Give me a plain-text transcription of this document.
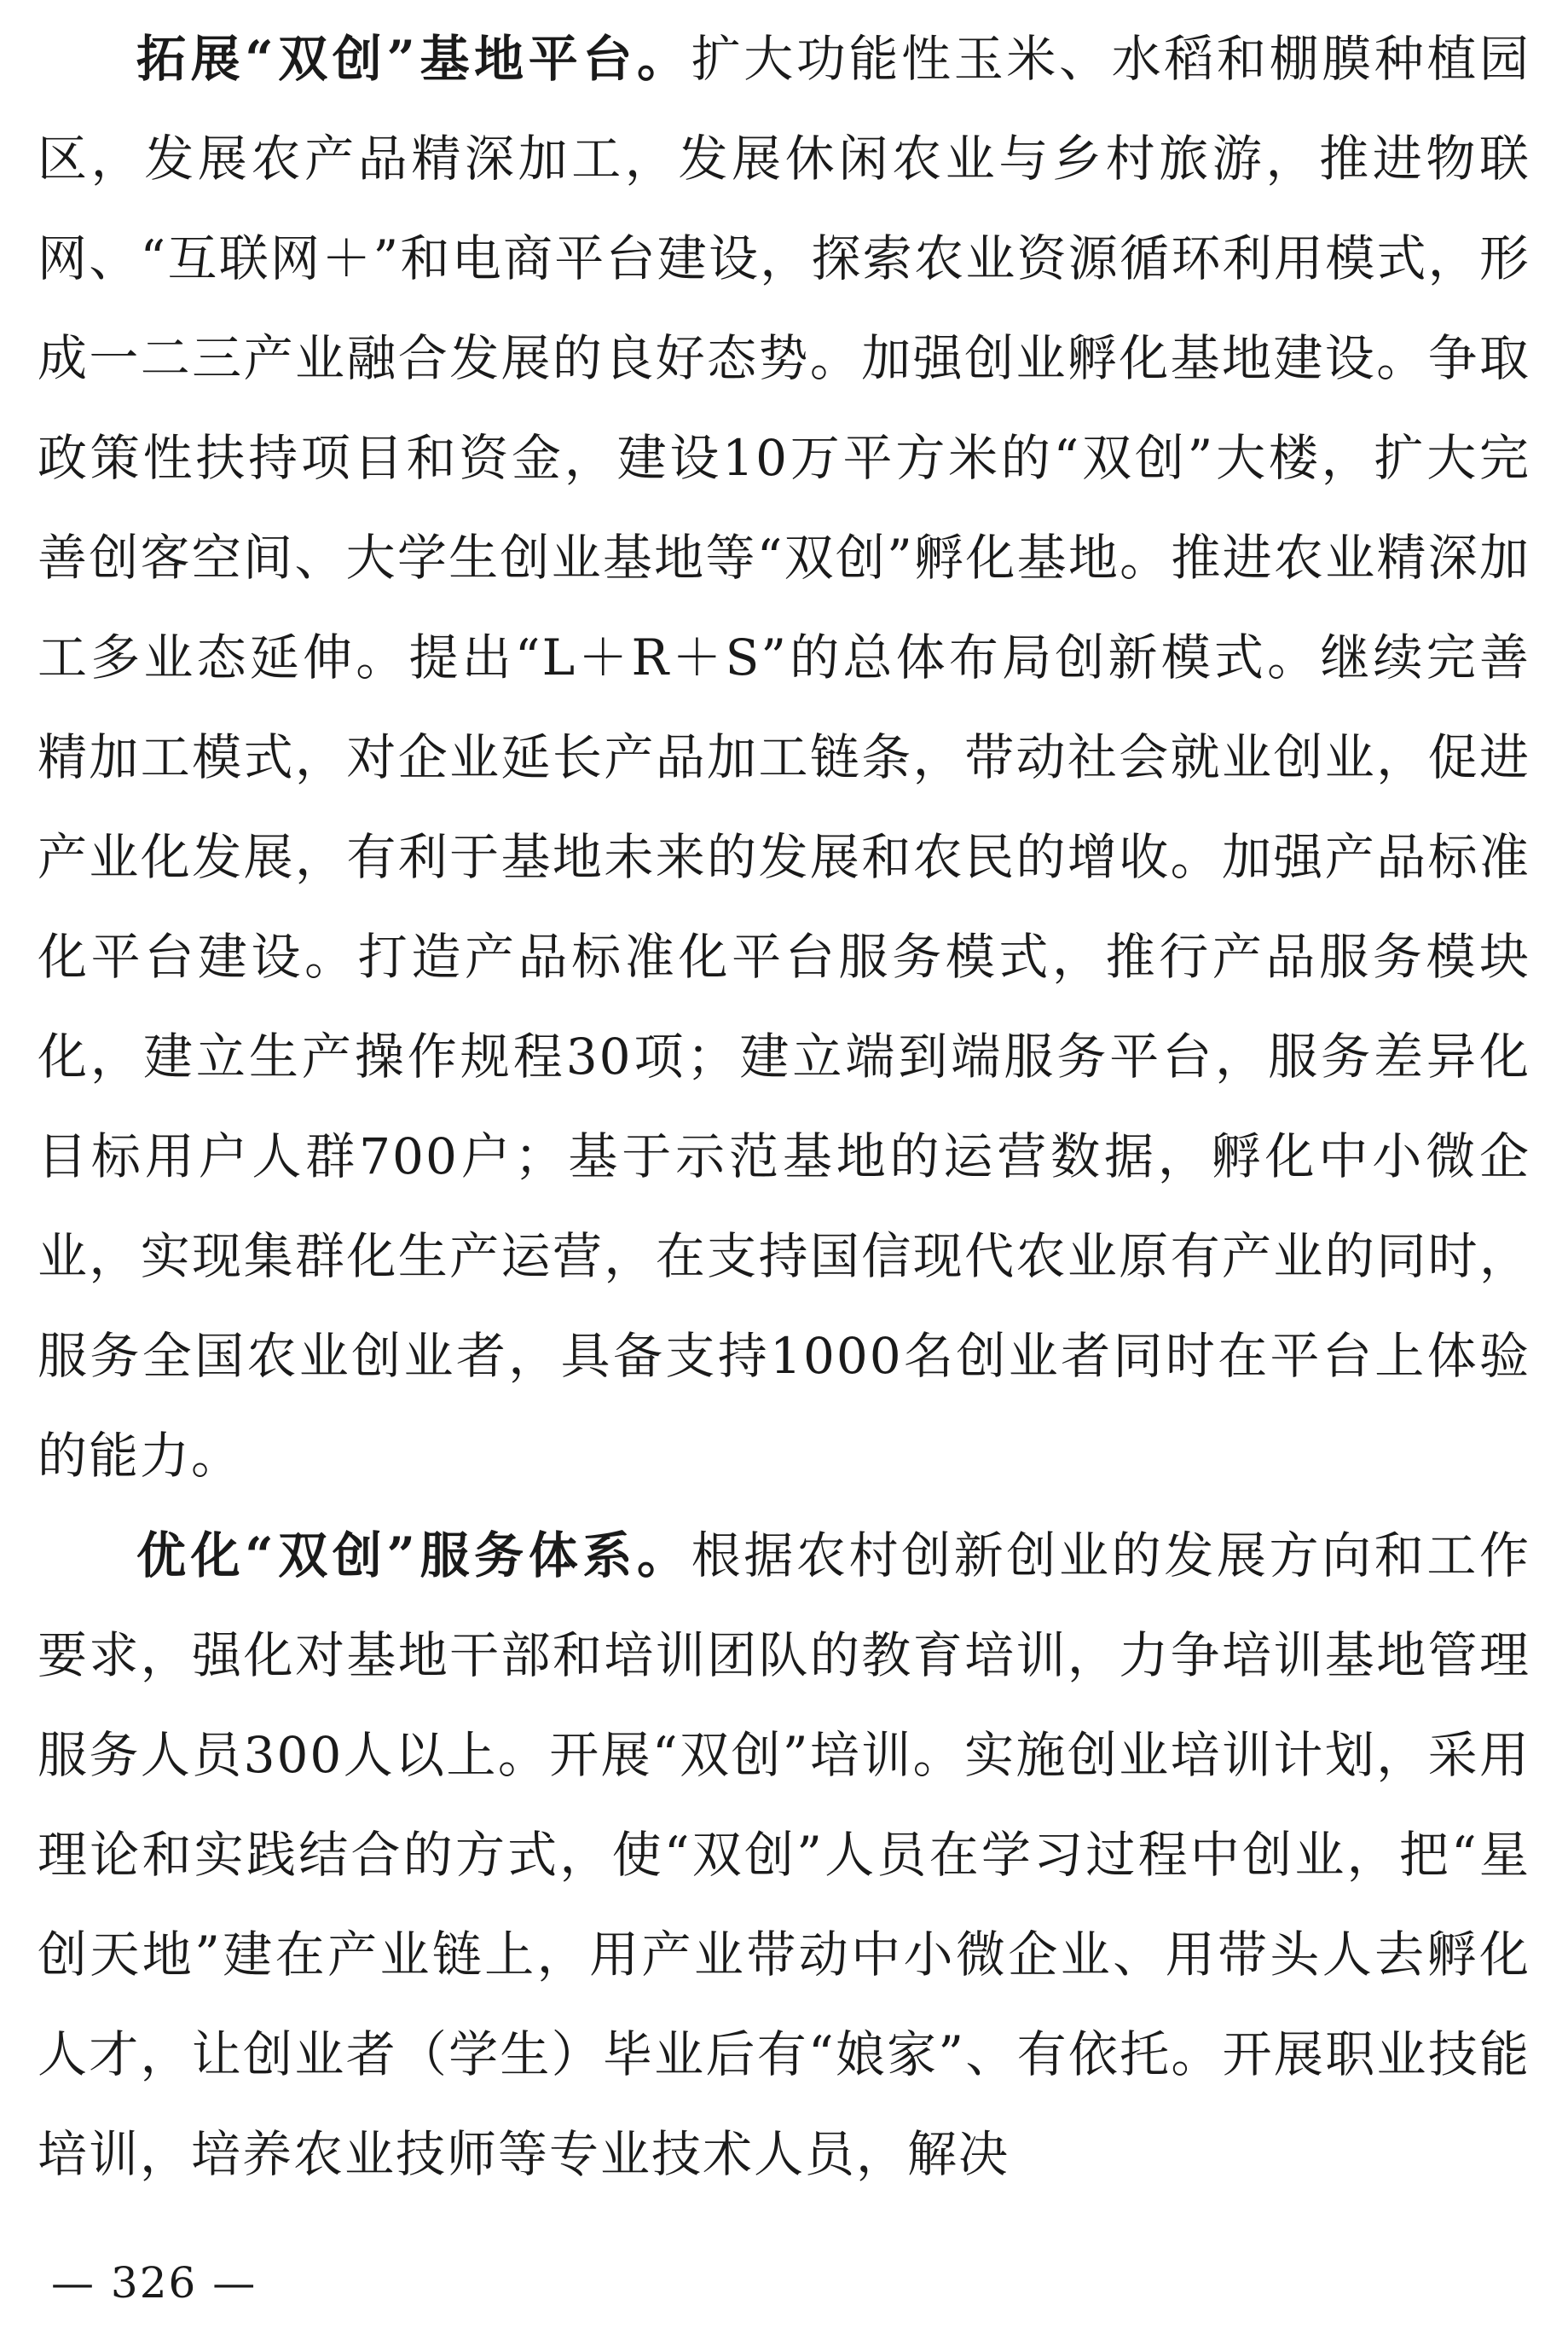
拓展“双创”基地平台。扩大功能性玉米、水稻和棚膜种植园区，发展农产品精深加工，发展休闲农业与乡村旅游，推进物联网、“互联网＋”和电商平台建设，探索农业资源循环利用模式，形成一二三产业融合发展的良好态势。加强创业孵化基地建设。争取政策性扶持项目和资金，建设10万平方米的“双创”大楼，扩大完善创客空间、大学生创业基地等“双创”孵化基地。推进农业精深加工多业态延伸。提出“L＋R＋S”的总体布局创新模式。继续完善精加工模式，对企业延长产品加工链条，带动社会就业创业，促进产业化发展，有利于基地未来的发展和农民的增收。加强产品标准化平台建设。打造产品标准化平台服务模式，推行产品服务模块化，建立生产操作规程30项；建立端到端服务平台，服务差异化目标用户人群700户；基于示范基地的运营数据，孵化中小微企业，实现集群化生产运营，在支持国信现代农业原有产业的同时，服务全国农业创业者，具备支持1000名创业者同时在平台上体验的能力。

优化“双创”服务体系。根据农村创新创业的发展方向和工作要求，强化对基地干部和培训团队的教育培训，力争培训基地管理服务人员300人以上。开展“双创”培训。实施创业培训计划，采用理论和实践结合的方式，使“双创”人员在学习过程中创业，把“星创天地”建在产业链上，用产业带动中小微企业、用带头人去孵化人才，让创业者（学生）毕业后有“娘家”、有依托。开展职业技能培训，培养农业技师等专业技术人员，解决

— 326 —
